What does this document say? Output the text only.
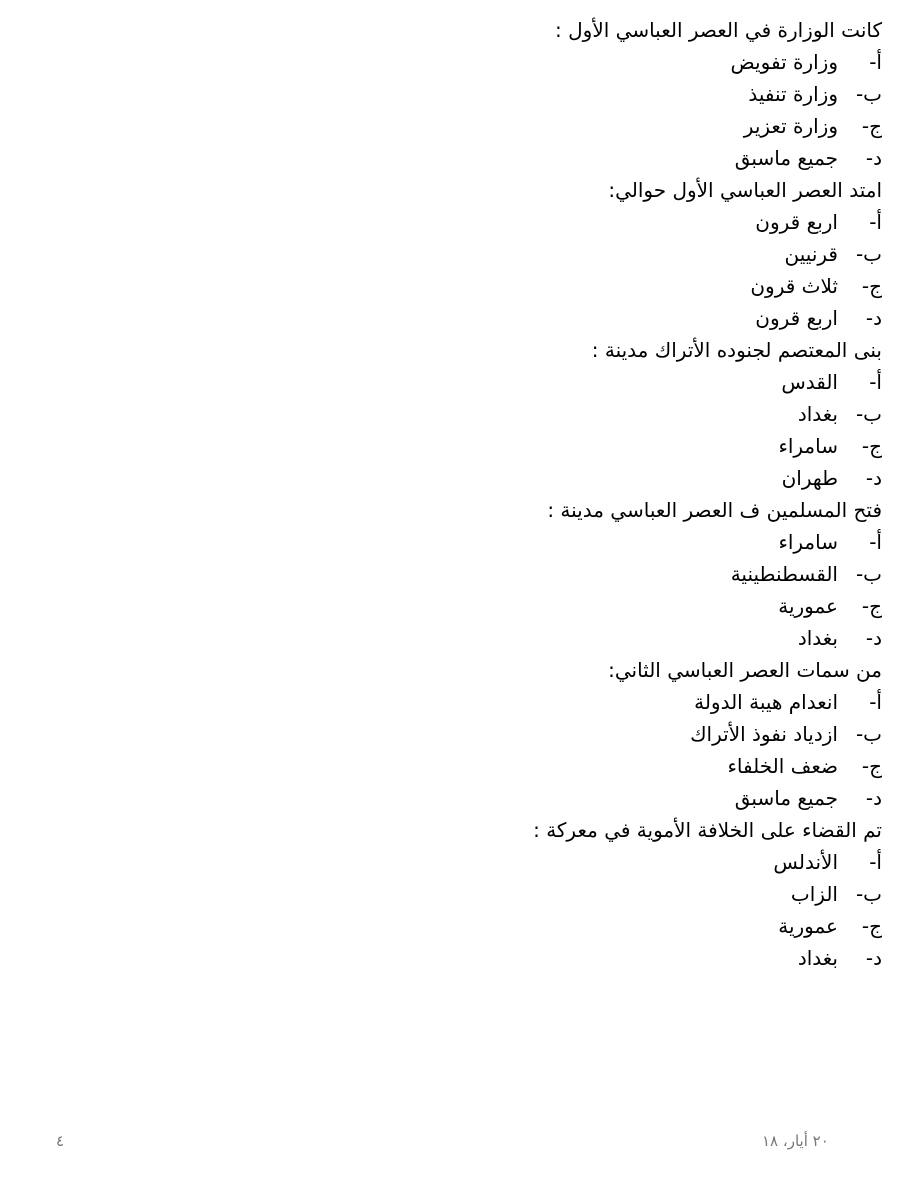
كانت الوزارة في العصر العباسي الأول :
أ-
وزارة تفويض
ب-
وزارة تنفيذ
ج-
وزارة تعزير
د-
جميع ماسبق
امتد العصر العباسي الأول حوالي:
أ-
اربع قرون
ب-
قرنيين
ج-
ثلاث قرون
د-
اربع قرون
بنى المعتصم لجنوده الأتراك مدينة :
أ-
القدس
ب-
بغداد
ج-
سامراء
د-
طهران
فتح المسلمين ف العصر العباسي مدينة :
أ-
سامراء
ب-
القسطنطينية
ج-
عمورية
د-
بغداد
من سمات العصر العباسي الثاني:
أ-
انعدام هيبة الدولة
ب-
ازدياد نفوذ الأتراك
ج-
ضعف الخلفاء
د-
جميع ماسبق
تم القضاء على الخلافة الأموية في معركة :
أ-
الأندلس
ب-
الزاب
ج-
عمورية
د-
بغداد
٢٠ أيار، ١٨
٤
